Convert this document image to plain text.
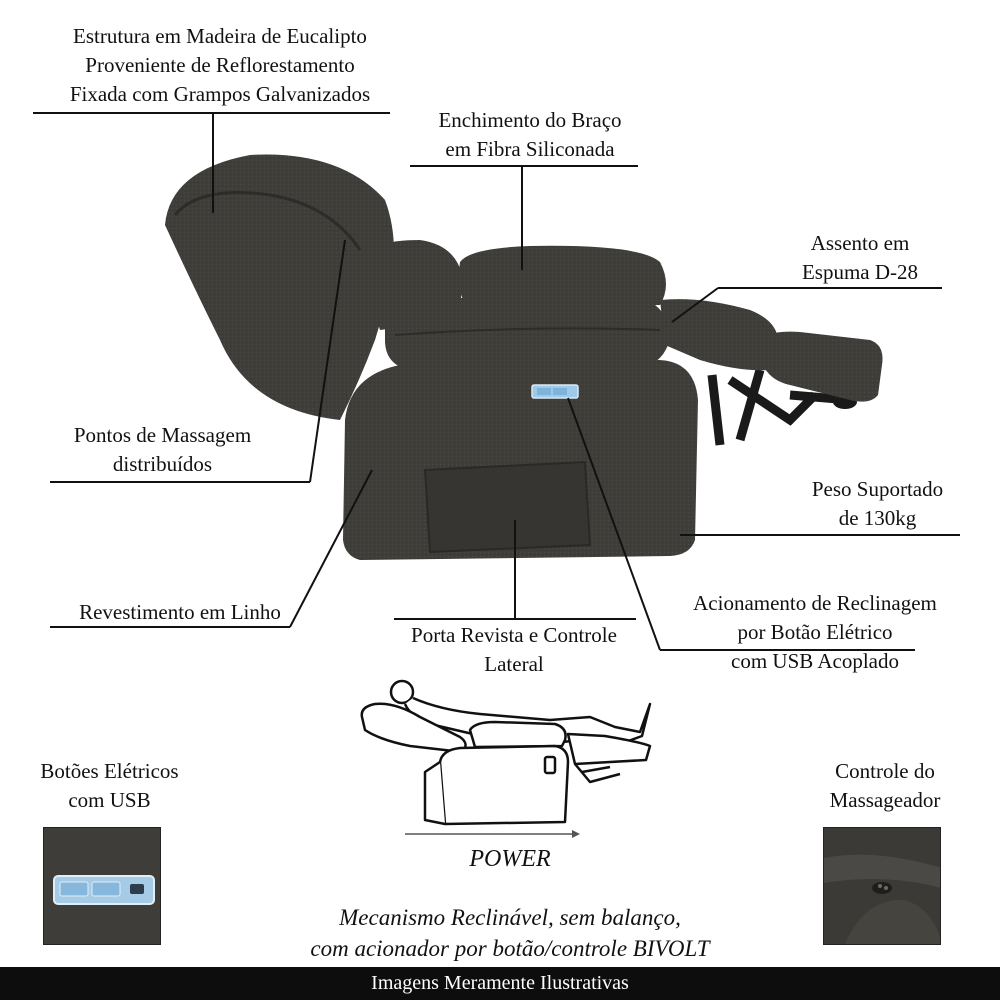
Estrutura em Madeira de Eucalipto
Proveniente de Reflorestamento
Fixada com Grampos Galvanizados
Enchimento do Braço
em Fibra Siliconada
Assento em
Espuma D-28
Pontos de Massagem
distribuídos
Peso Suportado
de 130kg
Revestimento em Linho
Porta Revista e Controle
Lateral
Acionamento de Reclinagem
por Botão Elétrico
com USB Acoplado
POWER
Botões Elétricos
com USB
Controle do
Massageador
Mecanismo Reclinável, sem balanço,
com acionador por botão/controle BIVOLT
Imagens Meramente Ilustrativas
